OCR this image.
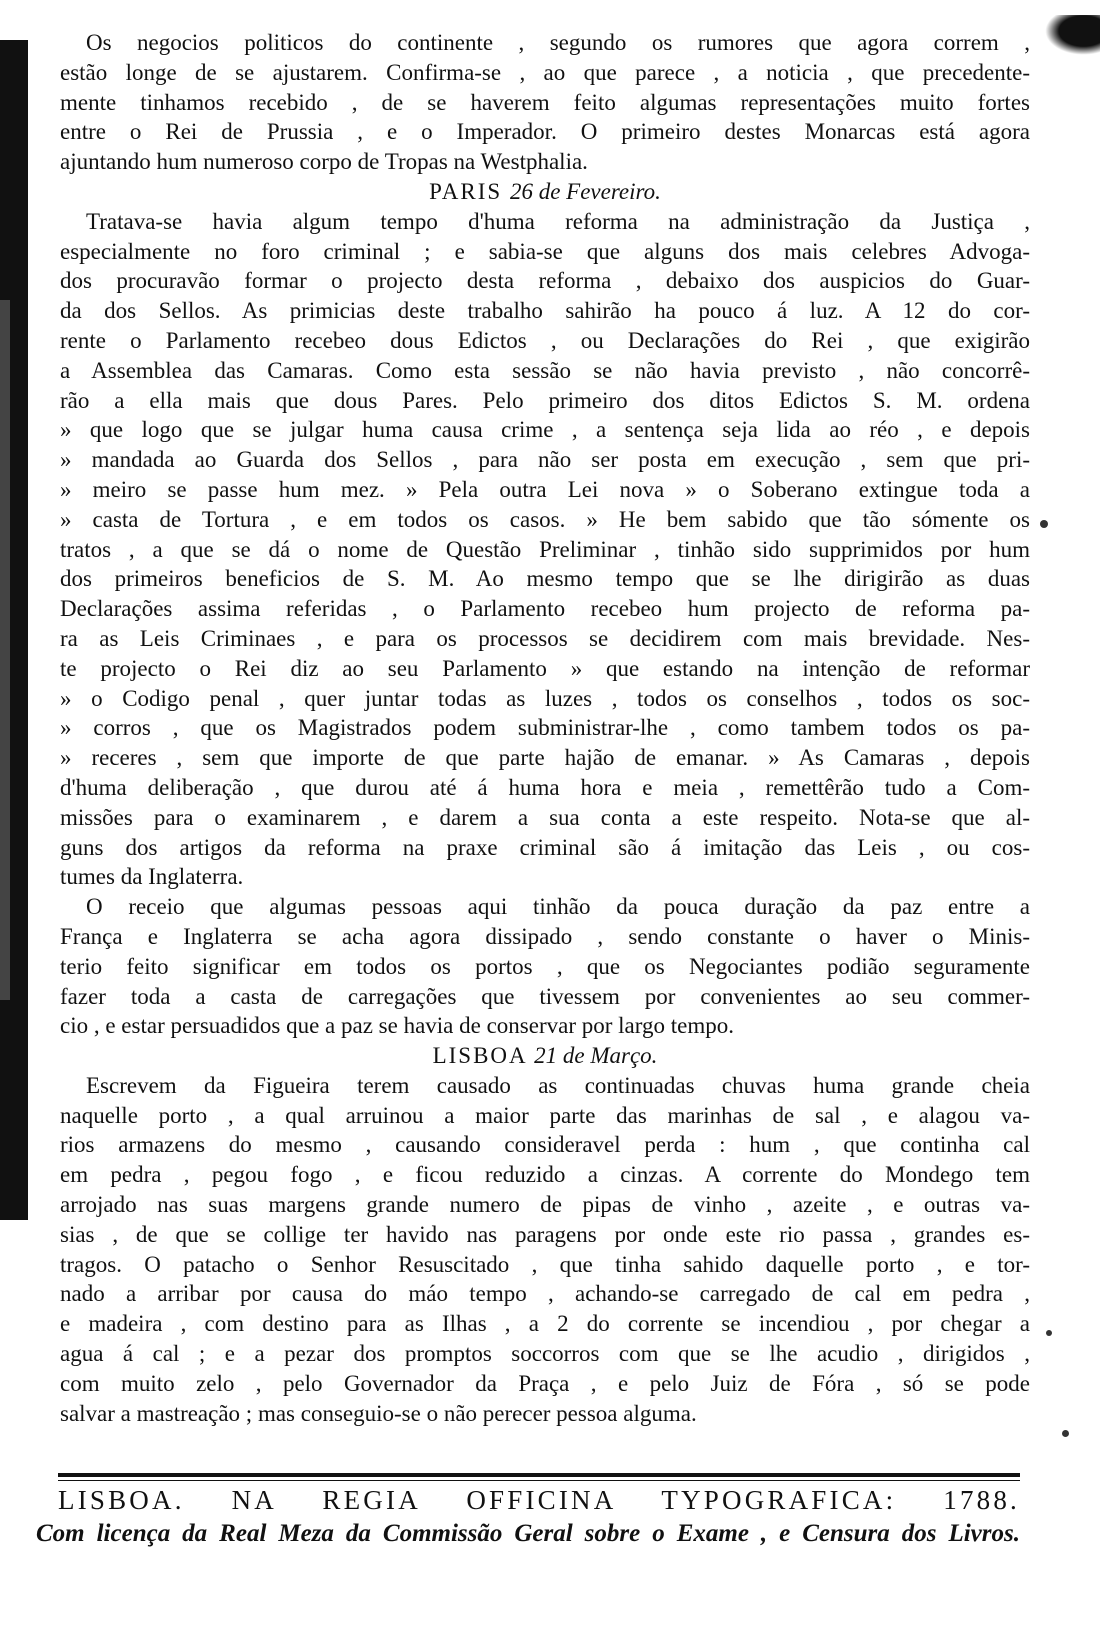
Os negocios politicos do continente , segundo os rumores que agora correm ,
estão longe de se ajustarem. Confirma-se , ao que parece , a noticia , que precedente-
mente tinhamos recebido , de se haverem feito algumas representações muito fortes
entre o Rei de Prussia , e o Imperador. O primeiro destes Monarcas está agora
ajuntando hum numeroso corpo de Tropas na Westphalia.
PARIS 26 de Fevereiro.
Tratava-se havia algum tempo d'huma reforma na administração da Justiça ,
especialmente no foro criminal ; e sabia-se que alguns dos mais celebres Advoga-
dos procuravão formar o projecto desta reforma , debaixo dos auspicios do Guar-
da dos Sellos. As primicias deste trabalho sahirão ha pouco á luz. A 12 do cor-
rente o Parlamento recebeo dous Edictos , ou Declarações do Rei , que exigirão
a Assemblea das Camaras. Como esta sessão se não havia previsto , não concorrê-
rão a ella mais que dous Pares. Pelo primeiro dos ditos Edictos S. M. ordena
» que logo que se julgar huma causa crime , a sentença seja lida ao réo , e depois
» mandada ao Guarda dos Sellos , para não ser posta em execução , sem que pri-
» meiro se passe hum mez. » Pela outra Lei nova » o Soberano extingue toda a
» casta de Tortura , e em todos os casos. » He bem sabido que tão sómente os
tratos , a que se dá o nome de Questão Preliminar , tinhão sido supprimidos por hum
dos primeiros beneficios de S. M. Ao mesmo tempo que se lhe dirigirão as duas
Declarações assima referidas , o Parlamento recebeo hum projecto de reforma pa-
ra as Leis Criminaes , e para os processos se decidirem com mais brevidade. Nes-
te projecto o Rei diz ao seu Parlamento » que estando na intenção de reformar
» o Codigo penal , quer juntar todas as luzes , todos os conselhos , todos os soc-
» corros , que os Magistrados podem subministrar-lhe , como tambem todos os pa-
» receres , sem que importe de que parte hajão de emanar. » As Camaras , depois
d'huma deliberação , que durou até á huma hora e meia , remettêrão tudo a Com-
missões para o examinarem , e darem a sua conta a este respeito. Nota-se que al-
guns dos artigos da reforma na praxe criminal são á imitação das Leis , ou cos-
tumes da Inglaterra.
O receio que algumas pessoas aqui tinhão da pouca duração da paz entre a
França e Inglaterra se acha agora dissipado , sendo constante o haver o Minis-
terio feito significar em todos os portos , que os Negociantes podião seguramente
fazer toda a casta de carregações que tivessem por convenientes ao seu commer-
cio , e estar persuadidos que a paz se havia de conservar por largo tempo.
LISBOA 21 de Março.
Escrevem da Figueira terem causado as continuadas chuvas huma grande cheia
naquelle porto , a qual arruinou a maior parte das marinhas de sal , e alagou va-
rios armazens do mesmo , causando consideravel perda : hum , que continha cal
em pedra , pegou fogo , e ficou reduzido a cinzas. A corrente do Mondego tem
arrojado nas suas margens grande numero de pipas de vinho , azeite , e outras va-
sias , de que se collige ter havido nas paragens por onde este rio passa , grandes es-
tragos. O patacho o Senhor Resuscitado , que tinha sahido daquelle porto , e tor-
nado a arribar por causa do máo tempo , achando-se carregado de cal em pedra ,
e madeira , com destino para as Ilhas , a 2 do corrente se incendiou , por chegar a
agua á cal ; e a pezar dos promptos soccorros com que se lhe acudio , dirigidos ,
com muito zelo , pelo Governador da Praça , e pelo Juiz de Fóra , só se pode
salvar a mastreação ; mas conseguio-se o não perecer pessoa alguma.
LISBOA. NA REGIA OFFICINA TYPOGRAFICA: 1788.
Com licença da Real Meza da Commissão Geral sobre o Exame , e Censura dos Livros.
